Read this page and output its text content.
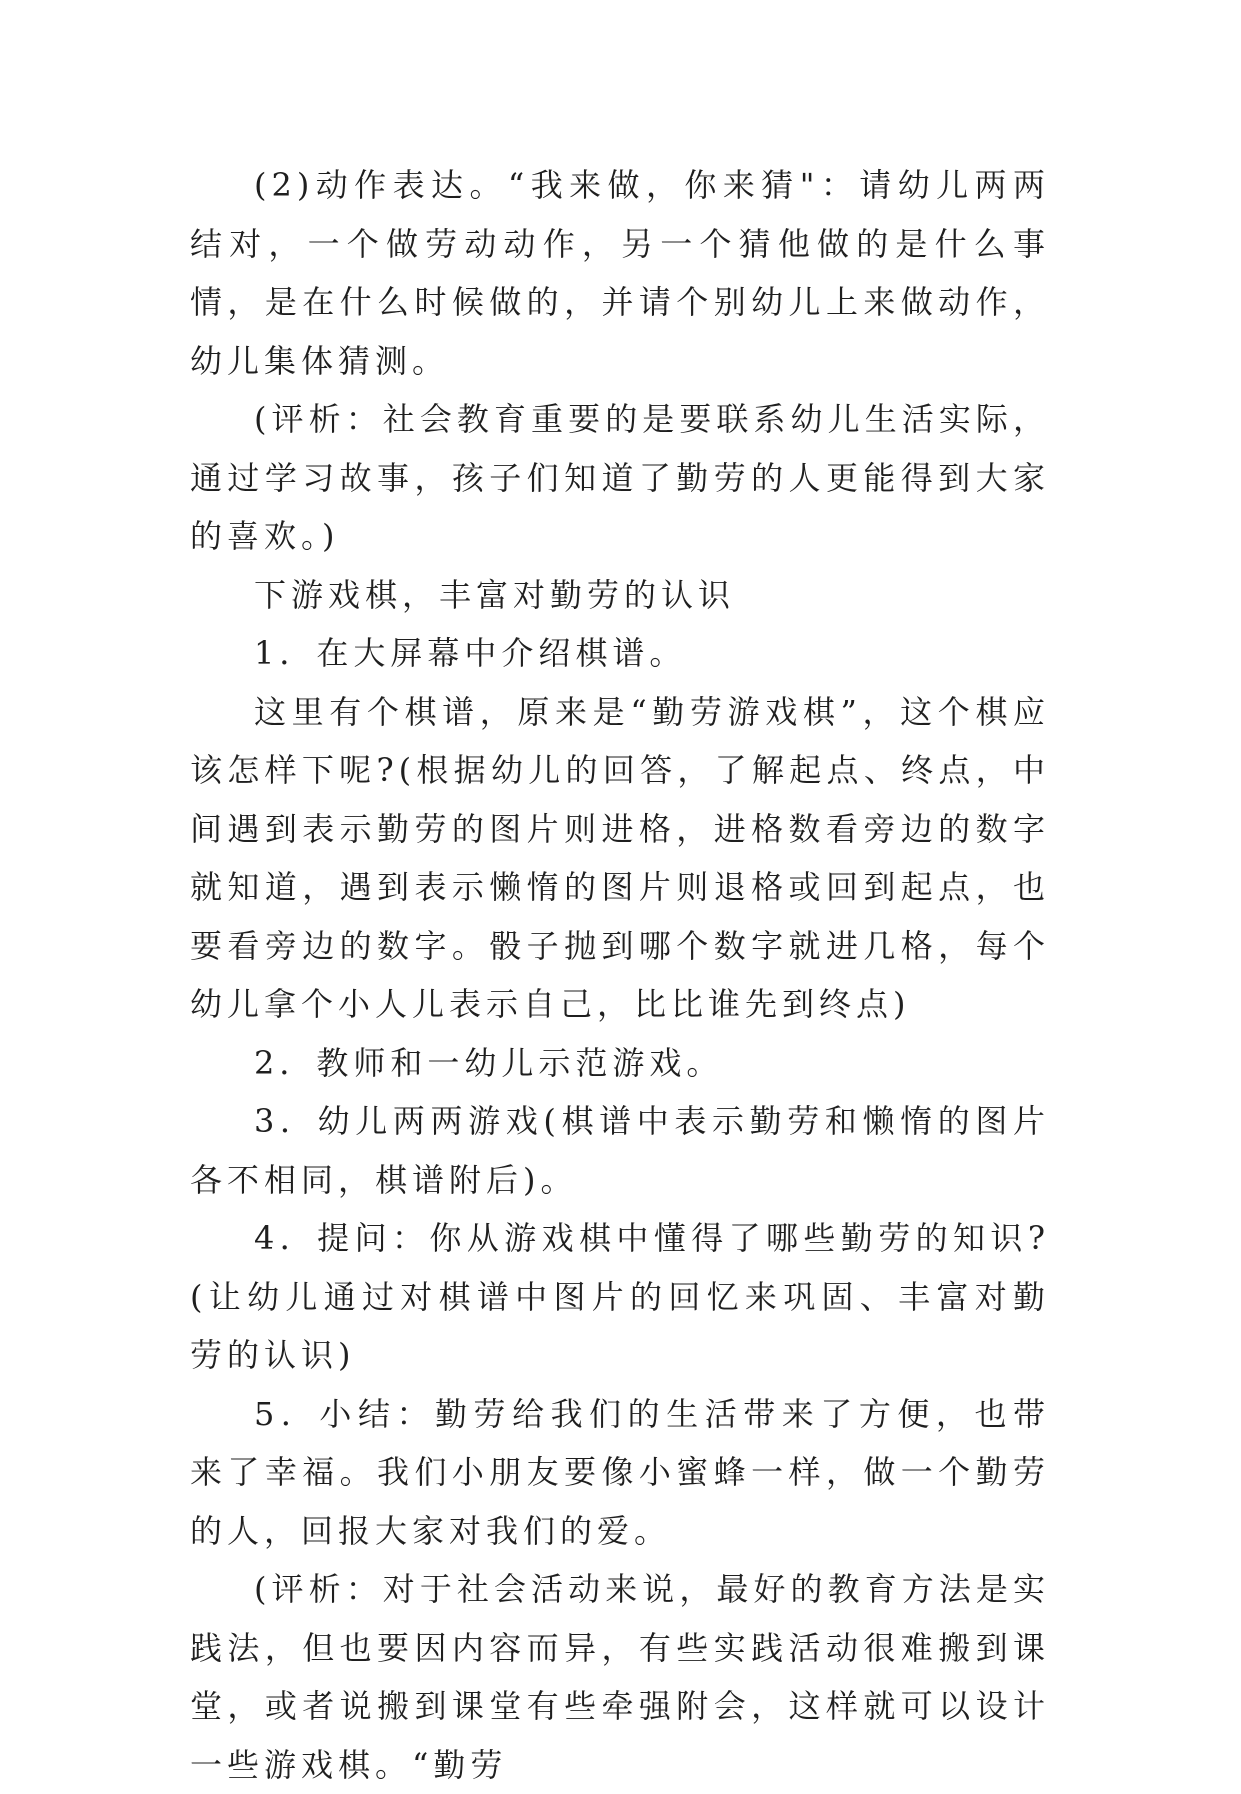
(2)动作表达。“我来做，你来猜"：请幼儿两两结对，一个做劳动动作，另一个猜他做的是什么事情，是在什么时候做的，并请个别幼儿上来做动作，幼儿集体猜测。

(评析：社会教育重要的是要联系幼儿生活实际，通过学习故事，孩子们知道了勤劳的人更能得到大家的喜欢。)

下游戏棋，丰富对勤劳的认识

1．在大屏幕中介绍棋谱。

这里有个棋谱，原来是“勤劳游戏棋”，这个棋应该怎样下呢?(根据幼儿的回答，了解起点、终点，中间遇到表示勤劳的图片则进格，进格数看旁边的数字就知道，遇到表示懒惰的图片则退格或回到起点，也要看旁边的数字。骰子抛到哪个数字就进几格，每个幼儿拿个小人儿表示自己，比比谁先到终点)

2．教师和一幼儿示范游戏。

3．幼儿两两游戏(棋谱中表示勤劳和懒惰的图片各不相同，棋谱附后)。

4．提问：你从游戏棋中懂得了哪些勤劳的知识?(让幼儿通过对棋谱中图片的回忆来巩固、丰富对勤劳的认识)

5．小结：勤劳给我们的生活带来了方便，也带来了幸福。我们小朋友要像小蜜蜂一样，做一个勤劳的人，回报大家对我们的爱。

(评析：对于社会活动来说，最好的教育方法是实践法，但也要因内容而异，有些实践活动很难搬到课堂，或者说搬到课堂有些牵强附会，这样就可以设计一些游戏棋。“勤劳
